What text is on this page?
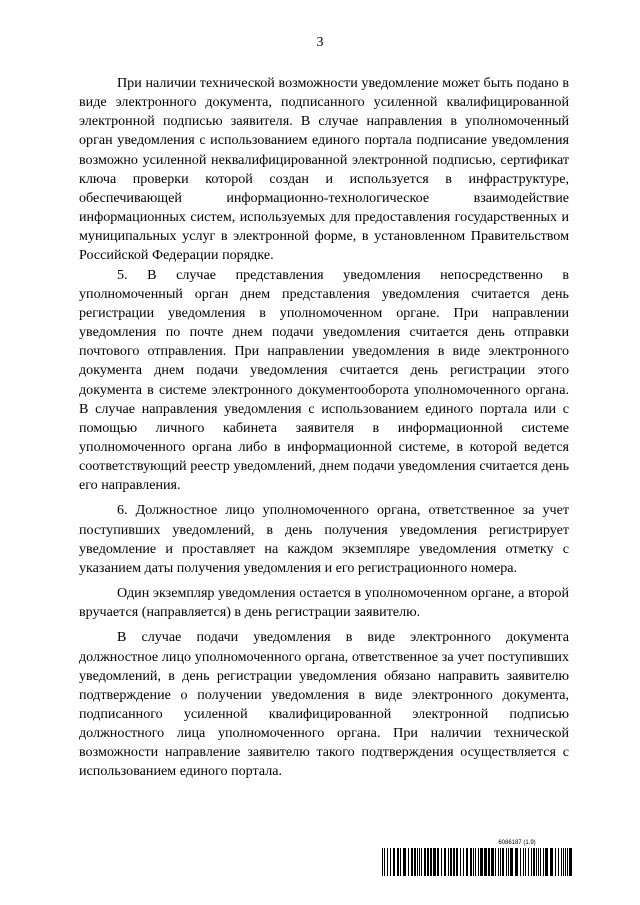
3

При наличии технической возможности уведомление может быть подано в виде электронного документа, подписанного усиленной квалифицированной электронной подписью заявителя. В случае направления в уполномоченный орган уведомления с использованием единого портала подписание уведомления возможно усиленной неквалифицированной электронной подписью, сертификат ключа проверки которой создан и используется в инфраструктуре, обеспечивающей информационно-технологическое взаимодействие информационных систем, используемых для предоставления государственных и муниципальных услуг в электронной форме, в установленном Правительством Российской Федерации порядке.

5. В случае представления уведомления непосредственно в уполномоченный орган днем представления уведомления считается день регистрации уведомления в уполномоченном органе. При направлении уведомления по почте днем подачи уведомления считается день отправки почтового отправления. При направлении уведомления в виде электронного документа днем подачи уведомления считается день регистрации этого документа в системе электронного документооборота уполномоченного органа. В случае направления уведомления с использованием единого портала или с помощью личного кабинета заявителя в информационной системе уполномоченного органа либо в информационной системе, в которой ведется соответствующий реестр уведомлений, днем подачи уведомления считается день его направления.

6. Должностное лицо уполномоченного органа, ответственное за учет поступивших уведомлений, в день получения уведомления регистрирует уведомление и проставляет на каждом экземпляре уведомления отметку с указанием даты получения уведомления и его регистрационного номера.

Один экземпляр уведомления остается в уполномоченном органе, а второй вручается (направляется) в день регистрации заявителю.

В случае подачи уведомления в виде электронного документа должностное лицо уполномоченного органа, ответственное за учет поступивших уведомлений, в день регистрации уведомления обязано направить заявителю подтверждение о получении уведомления в виде электронного документа, подписанного усиленной квалифицированной электронной подписью должностного лица уполномоченного органа. При наличии технической возможности направление заявителю такого подтверждения осуществляется с использованием единого портала.

6086187 (1.9)
